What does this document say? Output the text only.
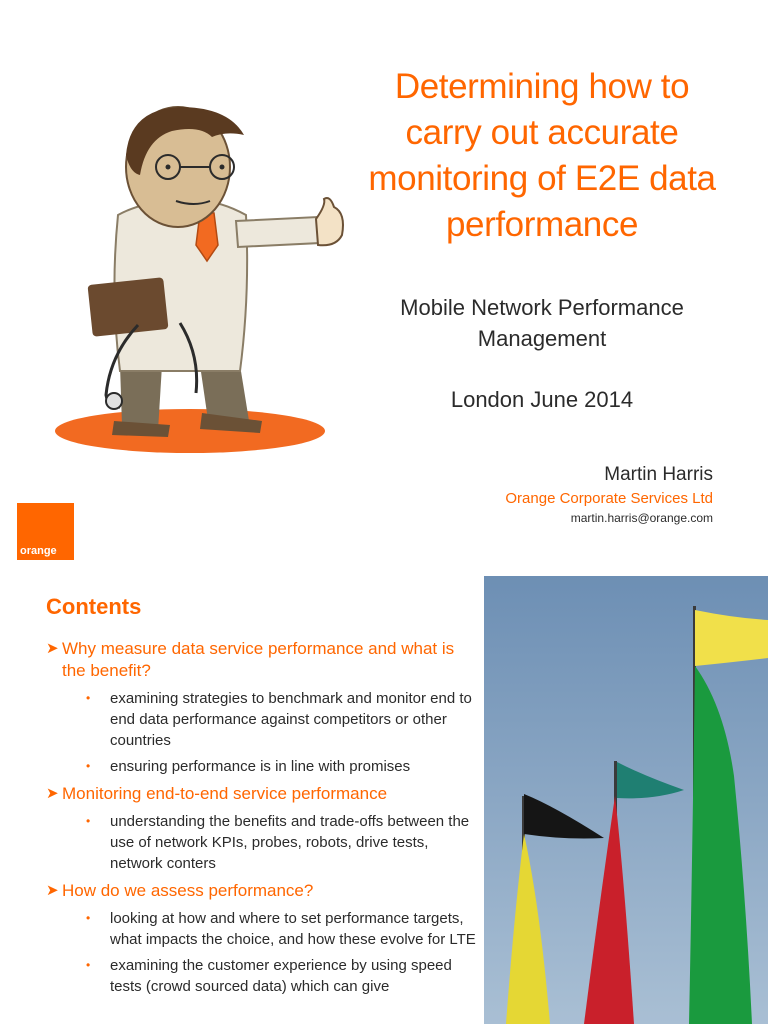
Determining how to carry out accurate monitoring of E2E data performance
Mobile Network Performance Management
London June 2014
Martin Harris
Orange Corporate Services Ltd
martin.harris@orange.com
orange
Contents
➤ Why measure data service performance and what is the benefit?
• examining strategies to benchmark and monitor end to end data performance against competitors or other countries
• ensuring performance is in line with promises
➤ Monitoring end-to-end service performance
• understanding the benefits and trade-offs between the use of network KPIs, probes, robots, drive tests, network conters
➤ How do we assess performance?
• looking at how and where to set performance targets, what impacts the choice, and how these evolve for LTE
• examining the customer experience by using speed tests (crowd sourced data) which can give
